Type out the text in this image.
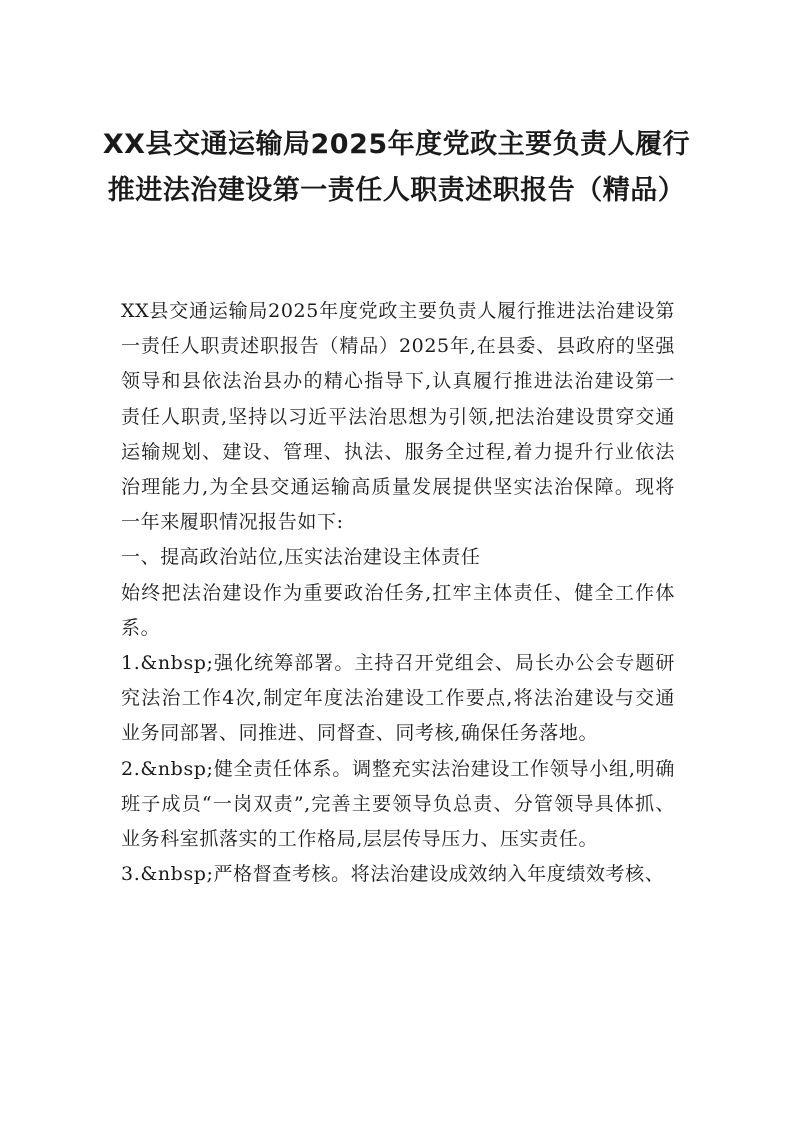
XX县交通运输局2025年度党政主要负责人履行推进法治建设第一责任人职责述职报告（精品）

XX县交通运输局2025年度党政主要负责人履行推进法治建设第一责任人职责述职报告（精品）2025年,在县委、县政府的坚强领导和县依法治县办的精心指导下,认真履行推进法治建设第一责任人职责,坚持以习近平法治思想为引领,把法治建设贯穿交通运输规划、建设、管理、执法、服务全过程,着力提升行业依法治理能力,为全县交通运输高质量发展提供坚实法治保障。现将一年来履职情况报告如下:

一、提高政治站位,压实法治建设主体责任

始终把法治建设作为重要政治任务,扛牢主体责任、健全工作体系。

1.&nbsp;强化统筹部署。主持召开党组会、局长办公会专题研究法治工作4次,制定年度法治建设工作要点,将法治建设与交通业务同部署、同推进、同督查、同考核,确保任务落地。

2.&nbsp;健全责任体系。调整充实法治建设工作领导小组,明确班子成员“一岗双责”,完善主要领导负总责、分管领导具体抓、业务科室抓落实的工作格局,层层传导压力、压实责任。

3.&nbsp;严格督查考核。将法治建设成效纳入年度绩效考核、
